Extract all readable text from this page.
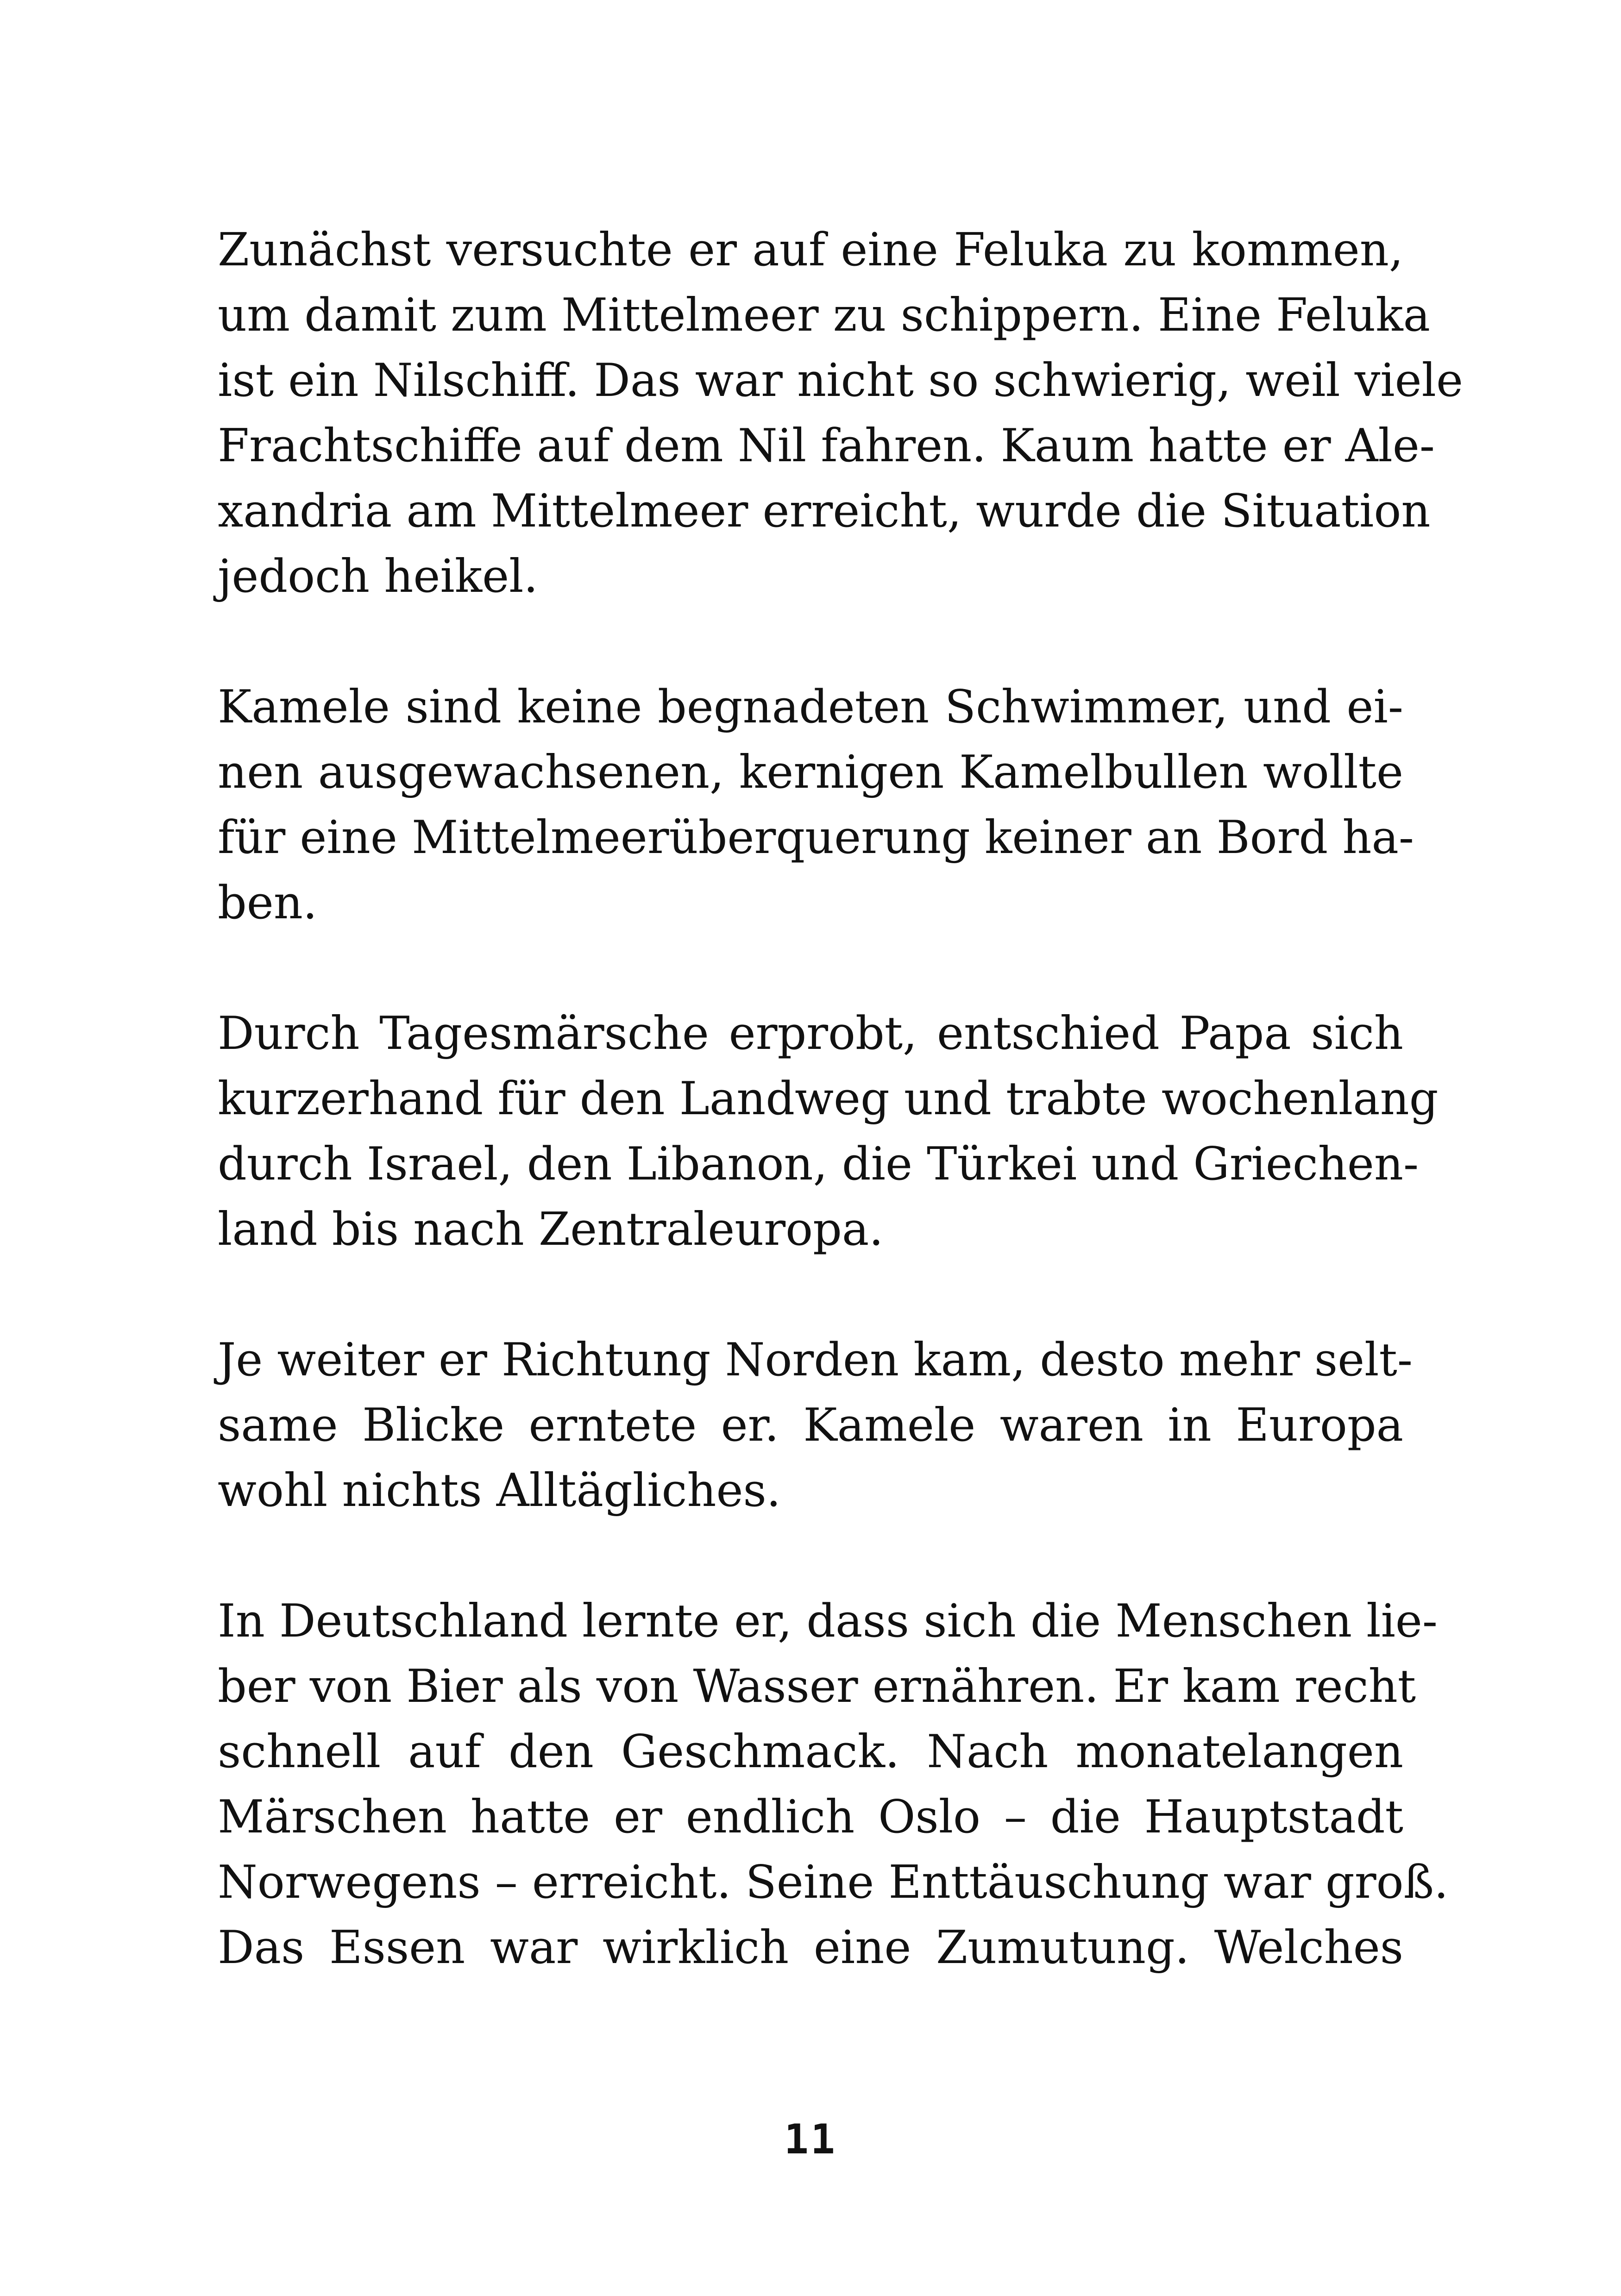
Zunächst versuchte er auf eine Feluka zu kommen,
um damit zum Mittelmeer zu schippern. Eine Feluka
ist ein Nilschiff. Das war nicht so schwierig, weil viele
Frachtschiffe auf dem Nil fahren. Kaum hatte er Ale-
xandria am Mittelmeer erreicht, wurde die Situation
jedoch heikel.

Kamele sind keine begnadeten Schwimmer, und ei-
nen ausgewachsenen, kernigen Kamelbullen wollte
für eine Mittelmeerüberquerung keiner an Bord ha-
ben.

Durch Tagesmärsche erprobt, entschied Papa sich
kurzerhand für den Landweg und trabte wochenlang
durch Israel, den Libanon, die Türkei und Griechen-
land bis nach Zentraleuropa.

Je weiter er Richtung Norden kam, desto mehr selt-
same Blicke erntete er. Kamele waren in Europa
wohl nichts Alltägliches.

In Deutschland lernte er, dass sich die Menschen lie-
ber von Bier als von Wasser ernähren. Er kam recht
schnell auf den Geschmack. Nach monatelangen
Märschen hatte er endlich Oslo – die Hauptstadt
Norwegens – erreicht. Seine Enttäuschung war groß.
Das Essen war wirklich eine Zumutung. Welches

11
